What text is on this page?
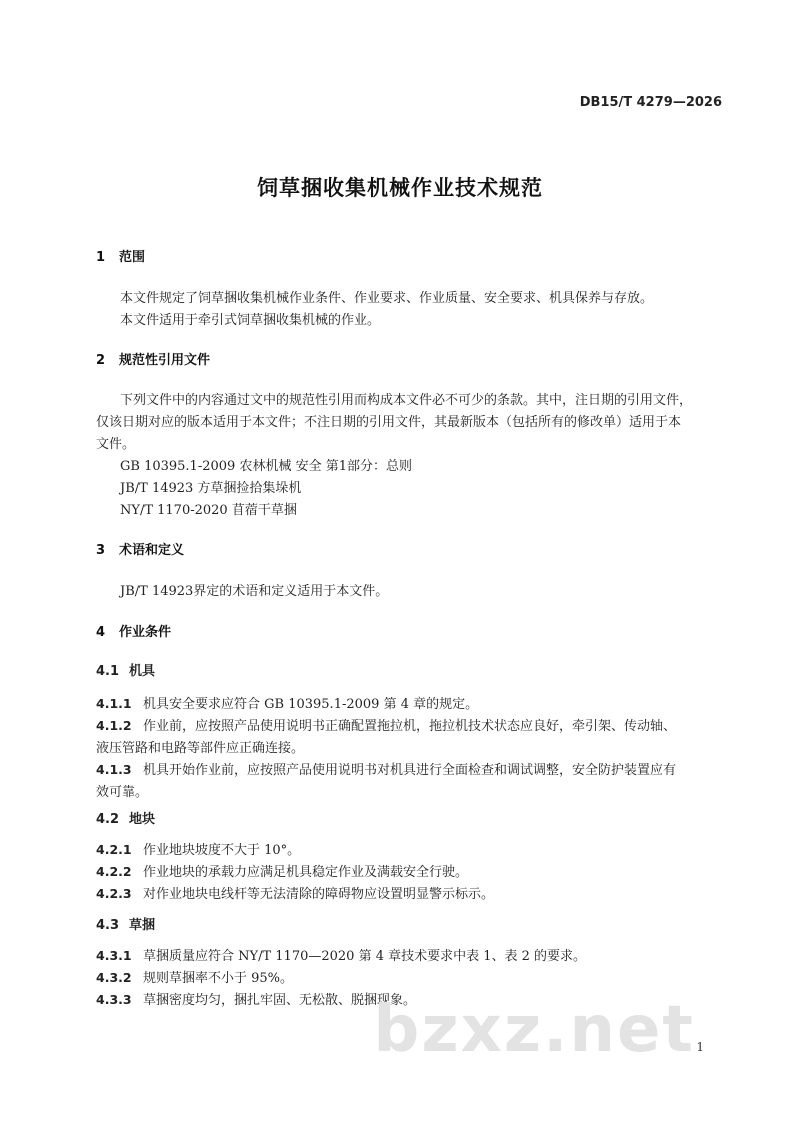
DB15/T 4279—2026
饲草捆收集机械作业技术规范
1 范围
本文件规定了饲草捆收集机械作业条件、作业要求、作业质量、安全要求、机具保养与存放。
本文件适用于牵引式饲草捆收集机械的作业。
2 规范性引用文件
下列文件中的内容通过文中的规范性引用而构成本文件必不可少的条款。其中，注日期的引用文件，
仅该日期对应的版本适用于本文件；不注日期的引用文件，其最新版本（包括所有的修改单）适用于本
文件。
GB 10395.1-2009 农林机械 安全 第1部分：总则
JB/T 14923 方草捆捡拾集垛机
NY/T 1170-2020 苜蓿干草捆
3 术语和定义
JB/T 14923界定的术语和定义适用于本文件。
4 作业条件
4.1 机具
4.1.1 机具安全要求应符合 GB 10395.1-2009 第 4 章的规定。
4.1.2 作业前，应按照产品使用说明书正确配置拖拉机，拖拉机技术状态应良好，牵引架、传动轴、
液压管路和电路等部件应正确连接。
4.1.3 机具开始作业前，应按照产品使用说明书对机具进行全面检查和调试调整，安全防护装置应有
效可靠。
4.2 地块
4.2.1 作业地块坡度不大于 10°。
4.2.2 作业地块的承载力应满足机具稳定作业及满载安全行驶。
4.2.3 对作业地块电线杆等无法清除的障碍物应设置明显警示标示。
4.3 草捆
4.3.1 草捆质量应符合 NY/T 1170—2020 第 4 章技术要求中表 1、表 2 的要求。
4.3.2 规则草捆率不小于 95%。
4.3.3 草捆密度均匀，捆扎牢固、无松散、脱捆现象。
bzxz.net 1
